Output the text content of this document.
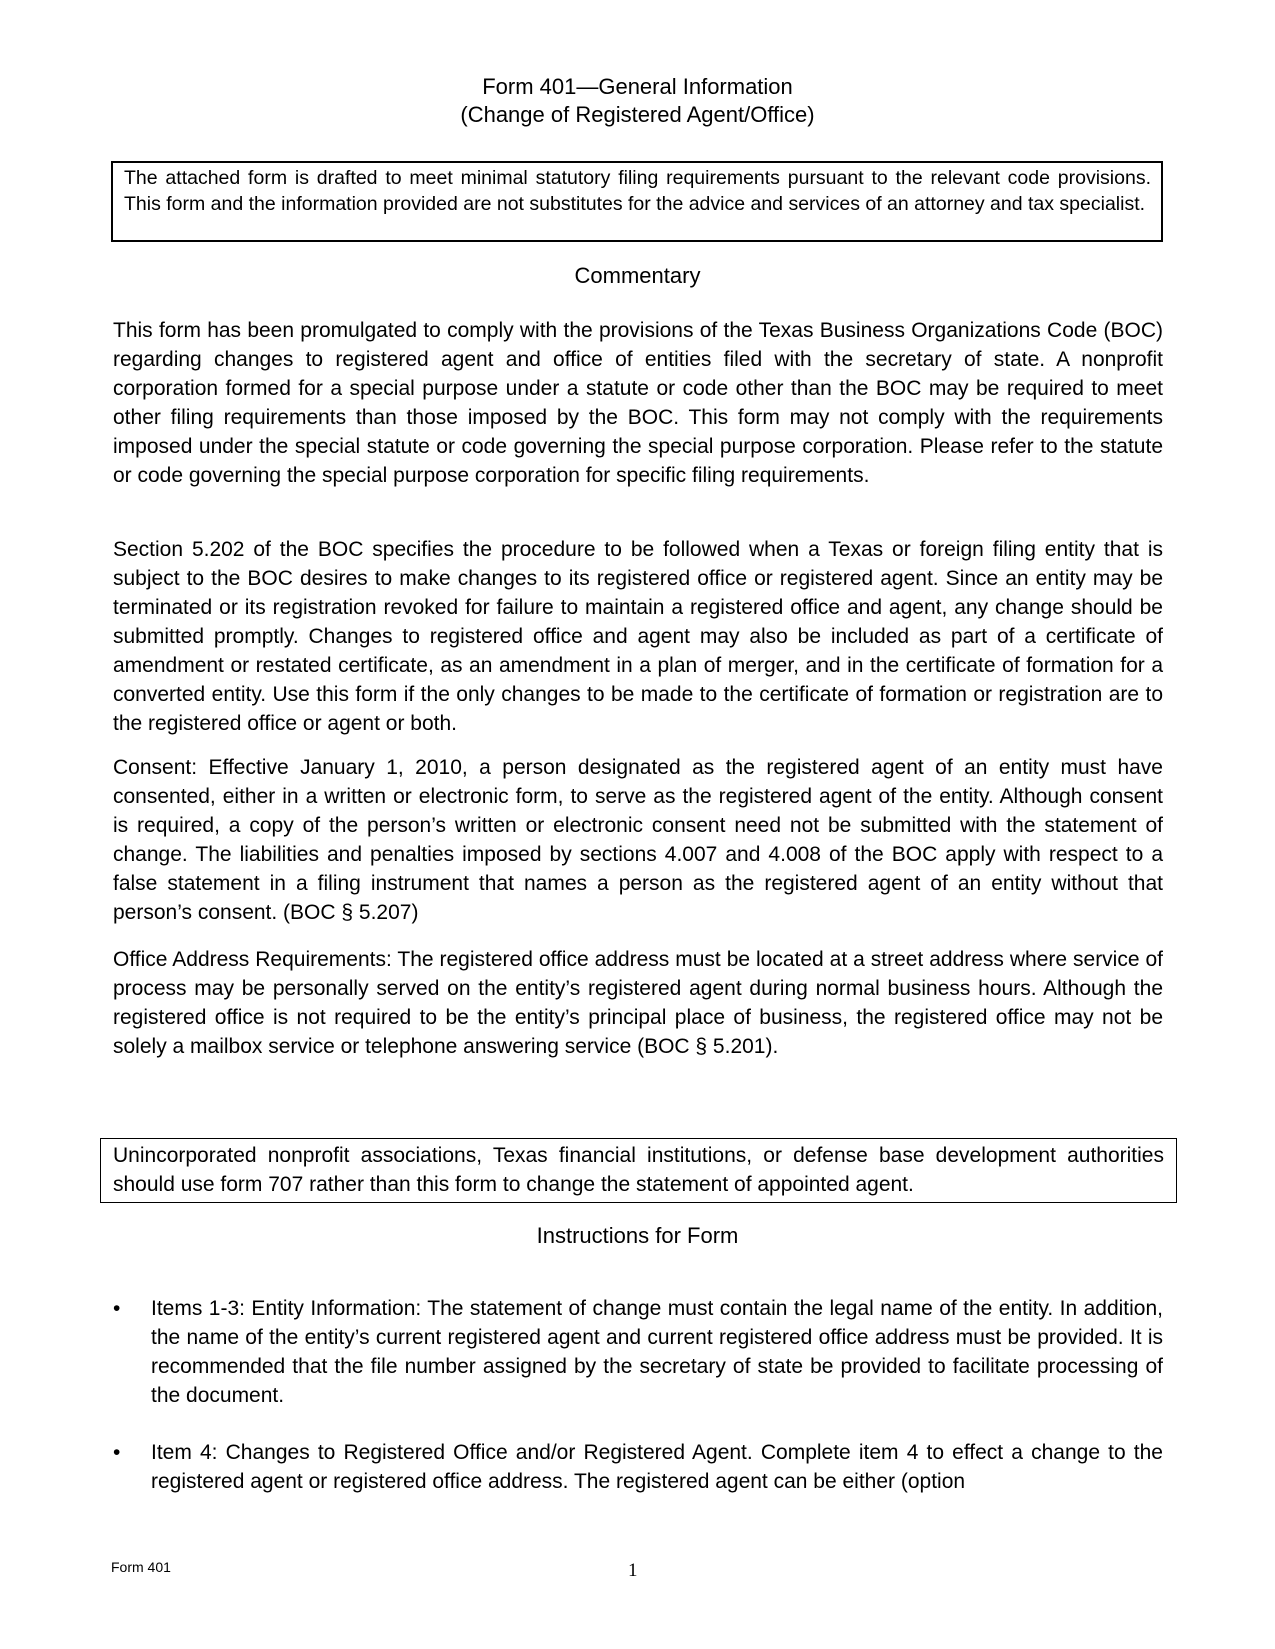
Form 401—General Information
(Change of Registered Agent/Office)
The attached form is drafted to meet minimal statutory filing requirements pursuant to the relevant code provisions. This form and the information provided are not substitutes for the advice and services of an attorney and tax specialist.
Commentary

This form has been promulgated to comply with the provisions of the Texas Business Organizations Code (BOC) regarding changes to registered agent and office of entities filed with the secretary of state. A nonprofit corporation formed for a special purpose under a statute or code other than the BOC may be required to meet other filing requirements than those imposed by the BOC. This form may not comply with the requirements imposed under the special statute or code governing the special purpose corporation. Please refer to the statute or code governing the special purpose corporation for specific filing requirements.

Section 5.202 of the BOC specifies the procedure to be followed when a Texas or foreign filing entity that is subject to the BOC desires to make changes to its registered office or registered agent. Since an entity may be terminated or its registration revoked for failure to maintain a registered office and agent, any change should be submitted promptly. Changes to registered office and agent may also be included as part of a certificate of amendment or restated certificate, as an amendment in a plan of merger, and in the certificate of formation for a converted entity. Use this form if the only changes to be made to the certificate of formation or registration are to the registered office or agent or both.

Consent: Effective January 1, 2010, a person designated as the registered agent of an entity must have consented, either in a written or electronic form, to serve as the registered agent of the entity. Although consent is required, a copy of the person’s written or electronic consent need not be submitted with the statement of change. The liabilities and penalties imposed by sections 4.007 and 4.008 of the BOC apply with respect to a false statement in a filing instrument that names a person as the registered agent of an entity without that person’s consent. (BOC § 5.207)

Office Address Requirements: The registered office address must be located at a street address where service of process may be personally served on the entity’s registered agent during normal business hours. Although the registered office is not required to be the entity’s principal place of business, the registered office may not be solely a mailbox service or telephone answering service (BOC § 5.201).

Unincorporated nonprofit associations, Texas financial institutions, or defense base development authorities should use form 707 rather than this form to change the statement of appointed agent.
Instructions for Form
•	Items 1-3: Entity Information: The statement of change must contain the legal name of the entity. In addition, the name of the entity’s current registered agent and current registered office address must be provided. It is recommended that the file number assigned by the secretary of state be provided to facilitate processing of the document.
•	Item 4: Changes to Registered Office and/or Registered Agent. Complete item 4 to effect a change to the registered agent or registered office address. The registered agent can be either (option
Form 401	1
